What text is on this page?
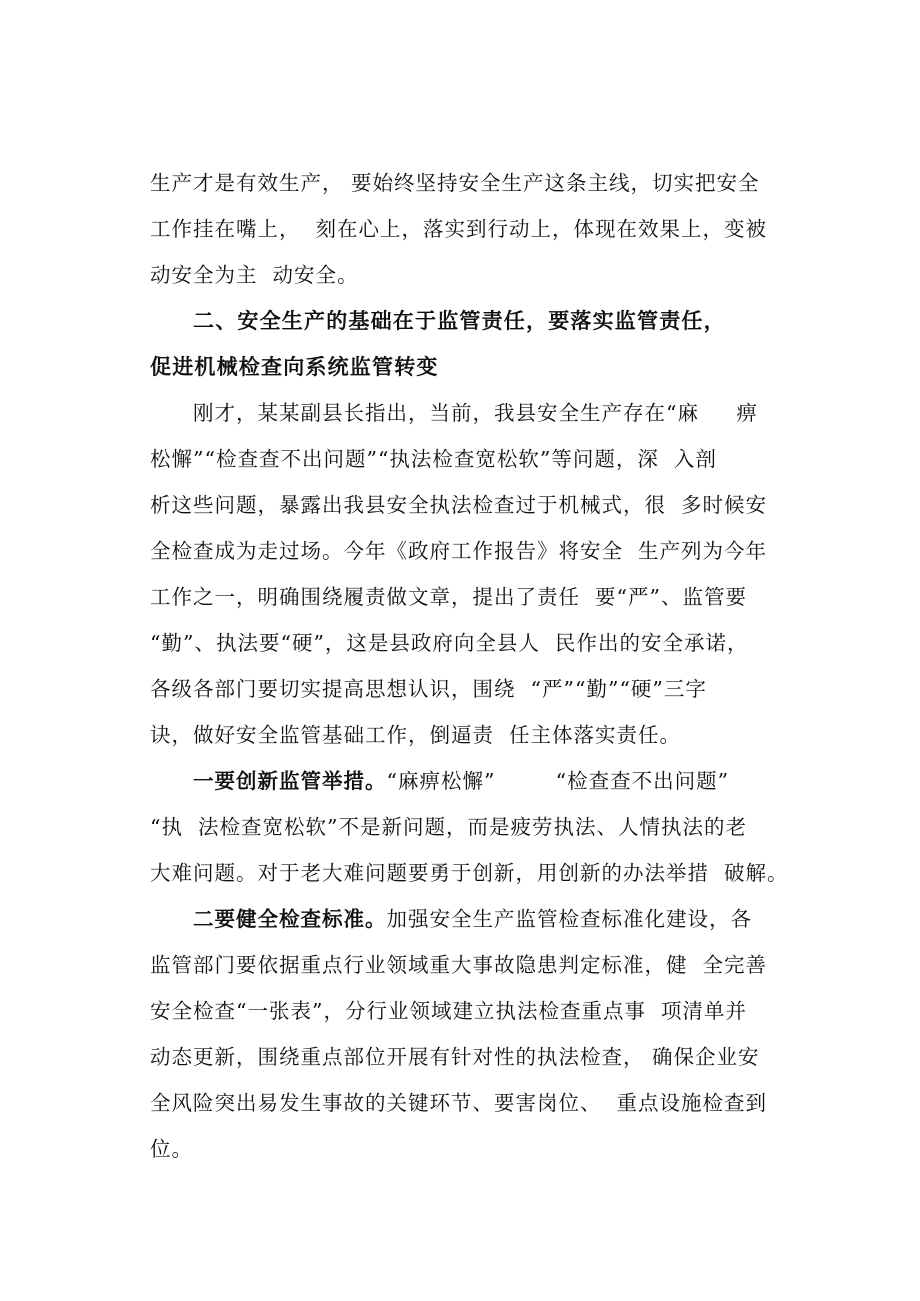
生产才是有效生产， 要始终坚持安全生产这条主线，切实把安全
工作挂在嘴上，  刻在心上，落实到行动上，体现在效果上，变被
动安全为主  动安全。
二、安全生产的基础在于监管责任，要落实监管责任，
促进机械检查向系统监管转变
刚才，某某副县长指出，当前，我县安全生产存在“麻     痹
松懈”“检查查不出问题”“执法检查宽松软”等问题，深  入剖
析这些问题，暴露出我县安全执法检查过于机械式，很  多时候安
全检查成为走过场。今年《政府工作报告》将安全  生产列为今年
工作之一，明确围绕履责做文章，提出了责任  要“严”、监管要
“勤”、执法要“硬”，这是县政府向全县人  民作出的安全承诺，
各级各部门要切实提高思想认识，围绕  “严”“勤”“硬”三字
诀，做好安全监管基础工作，倒逼责  任主体落实责任。
一要创新监管举措。“麻痹松懈”        “检查查不出问题”
“执  法检查宽松软”不是新问题，而是疲劳执法、人情执法的老
大难问题。对于老大难问题要勇于创新，用创新的办法举措  破解。
二要健全检查标准。加强安全生产监管检查标准化建设，各
监管部门要依据重点行业领域重大事故隐患判定标准，健  全完善
安全检查“一张表”，分行业领域建立执法检查重点事  项清单并
动态更新，围绕重点部位开展有针对性的执法检查， 确保企业安
全风险突出易发生事故的关键环节、要害岗位、  重点设施检查到
位。
